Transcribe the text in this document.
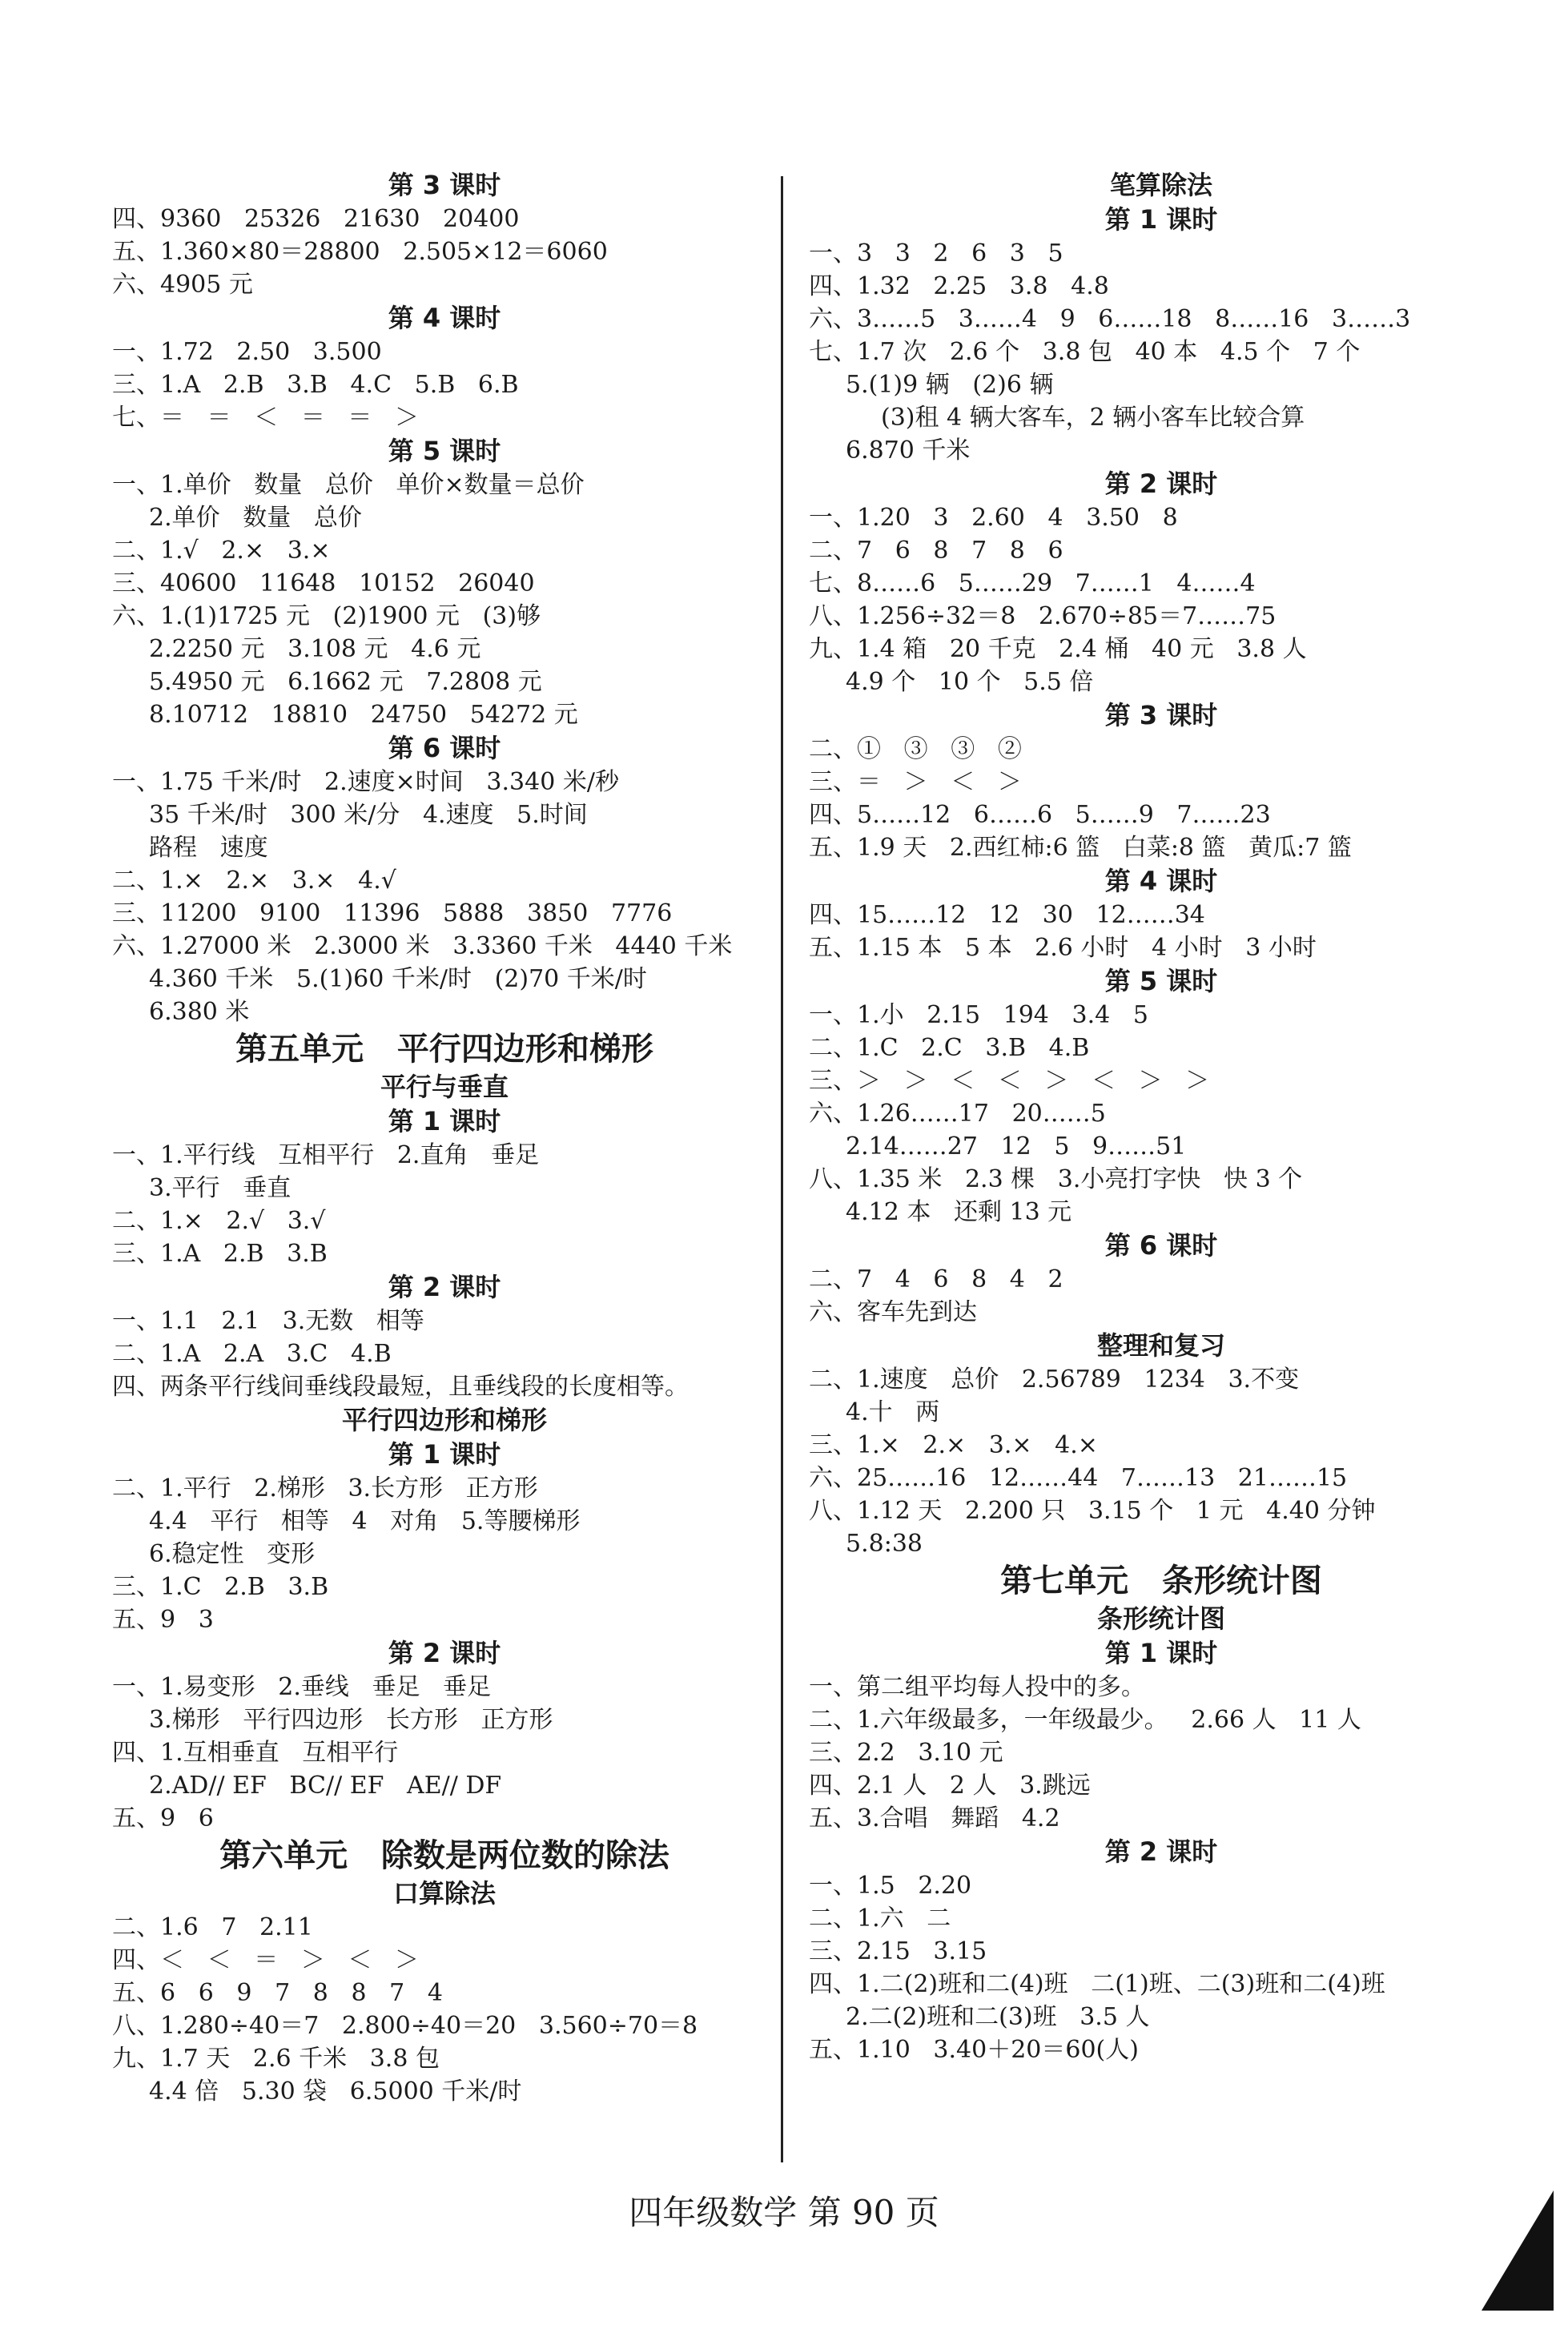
第 3 课时
四、9360   25326   21630   20400
五、1.360×80＝28800   2.505×12＝6060
六、4905 元
第 4 课时
一、1.72   2.50   3.500
三、1.A   2.B   3.B   4.C   5.B   6.B
七、＝   ＝   ＜   ＝   ＝   ＞
第 5 课时
一、1.单价   数量   总价   单价×数量＝总价
2.单价   数量   总价
二、1.√   2.×   3.×
三、40600   11648   10152   26040
六、1.(1)1725 元   (2)1900 元   (3)够
2.2250 元   3.108 元   4.6 元
5.4950 元   6.1662 元   7.2808 元
8.10712   18810   24750   54272 元
第 6 课时
一、1.75 千米/时   2.速度×时间   3.340 米/秒
35 千米/时   300 米/分   4.速度   5.时间
路程   速度
二、1.×   2.×   3.×   4.√
三、11200   9100   11396   5888   3850   7776
六、1.27000 米   2.3000 米   3.3360 千米   4440 千米
4.360 千米   5.(1)60 千米/时   (2)70 千米/时
6.380 米
第五单元   平行四边形和梯形
平行与垂直
第 1 课时
一、1.平行线   互相平行   2.直角   垂足
3.平行   垂直
二、1.×   2.√   3.√
三、1.A   2.B   3.B
第 2 课时
一、1.1   2.1   3.无数   相等
二、1.A   2.A   3.C   4.B
四、两条平行线间垂线段最短，且垂线段的长度相等。
平行四边形和梯形
第 1 课时
二、1.平行   2.梯形   3.长方形   正方形
4.4   平行   相等   4   对角   5.等腰梯形
6.稳定性   变形
三、1.C   2.B   3.B
五、9   3
第 2 课时
一、1.易变形   2.垂线   垂足   垂足
3.梯形   平行四边形   长方形   正方形
四、1.互相垂直   互相平行
2.AD// EF   BC// EF   AE// DF
五、9   6
第六单元   除数是两位数的除法
口算除法
二、1.6   7   2.11
四、＜   ＜   ＝   ＞   ＜   ＞
五、6   6   9   7   8   8   7   4
八、1.280÷40＝7   2.800÷40＝20   3.560÷70＝8
九、1.7 天   2.6 千米   3.8 包
4.4 倍   5.30 袋   6.5000 千米/时
笔算除法
第 1 课时
一、3   3   2   6   3   5
四、1.32   2.25   3.8   4.8
六、3……5   3……4   9   6……18   8……16   3……3
七、1.7 次   2.6 个   3.8 包   40 本   4.5 个   7 个
5.(1)9 辆   (2)6 辆
(3)租 4 辆大客车，2 辆小客车比较合算
6.870 千米
第 2 课时
一、1.20   3   2.60   4   3.50   8
二、7   6   8   7   8   6
七、8……6   5……29   7……1   4……4
八、1.256÷32＝8   2.670÷85＝7……75
九、1.4 箱   20 千克   2.4 桶   40 元   3.8 人
4.9 个   10 个   5.5 倍
第 3 课时
二、①   ③   ③   ②
三、＝   ＞   ＜   ＞
四、5……12   6……6   5……9   7……23
五、1.9 天   2.西红柿:6 篮   白菜:8 篮   黄瓜:7 篮
第 4 课时
四、15……12   12   30   12……34
五、1.15 本   5 本   2.6 小时   4 小时   3 小时
第 5 课时
一、1.小   2.15   194   3.4   5
二、1.C   2.C   3.B   4.B
三、＞   ＞   ＜   ＜   ＞   ＜   ＞   ＞
六、1.26……17   20……5
2.14……27   12   5   9……51
八、1.35 米   2.3 棵   3.小亮打字快   快 3 个
4.12 本   还剩 13 元
第 6 课时
二、7   4   6   8   4   2
六、客车先到达
整理和复习
二、1.速度   总价   2.56789   1234   3.不变
4.十   两
三、1.×   2.×   3.×   4.×
六、25……16   12……44   7……13   21……15
八、1.12 天   2.200 只   3.15 个   1 元   4.40 分钟
5.8:38
第七单元   条形统计图
条形统计图
第 1 课时
一、第二组平均每人投中的多。
二、1.六年级最多，一年级最少。   2.66 人   11 人
三、2.2   3.10 元
四、2.1 人   2 人   3.跳远
五、3.合唱   舞蹈   4.2
第 2 课时
一、1.5   2.20
二、1.六   二
三、2.15   3.15
四、1.二(2)班和二(4)班   二(1)班、二(3)班和二(4)班
2.二(2)班和二(3)班   3.5 人
五、1.10   3.40＋20＝60(人)
四年级数学 第 90 页
